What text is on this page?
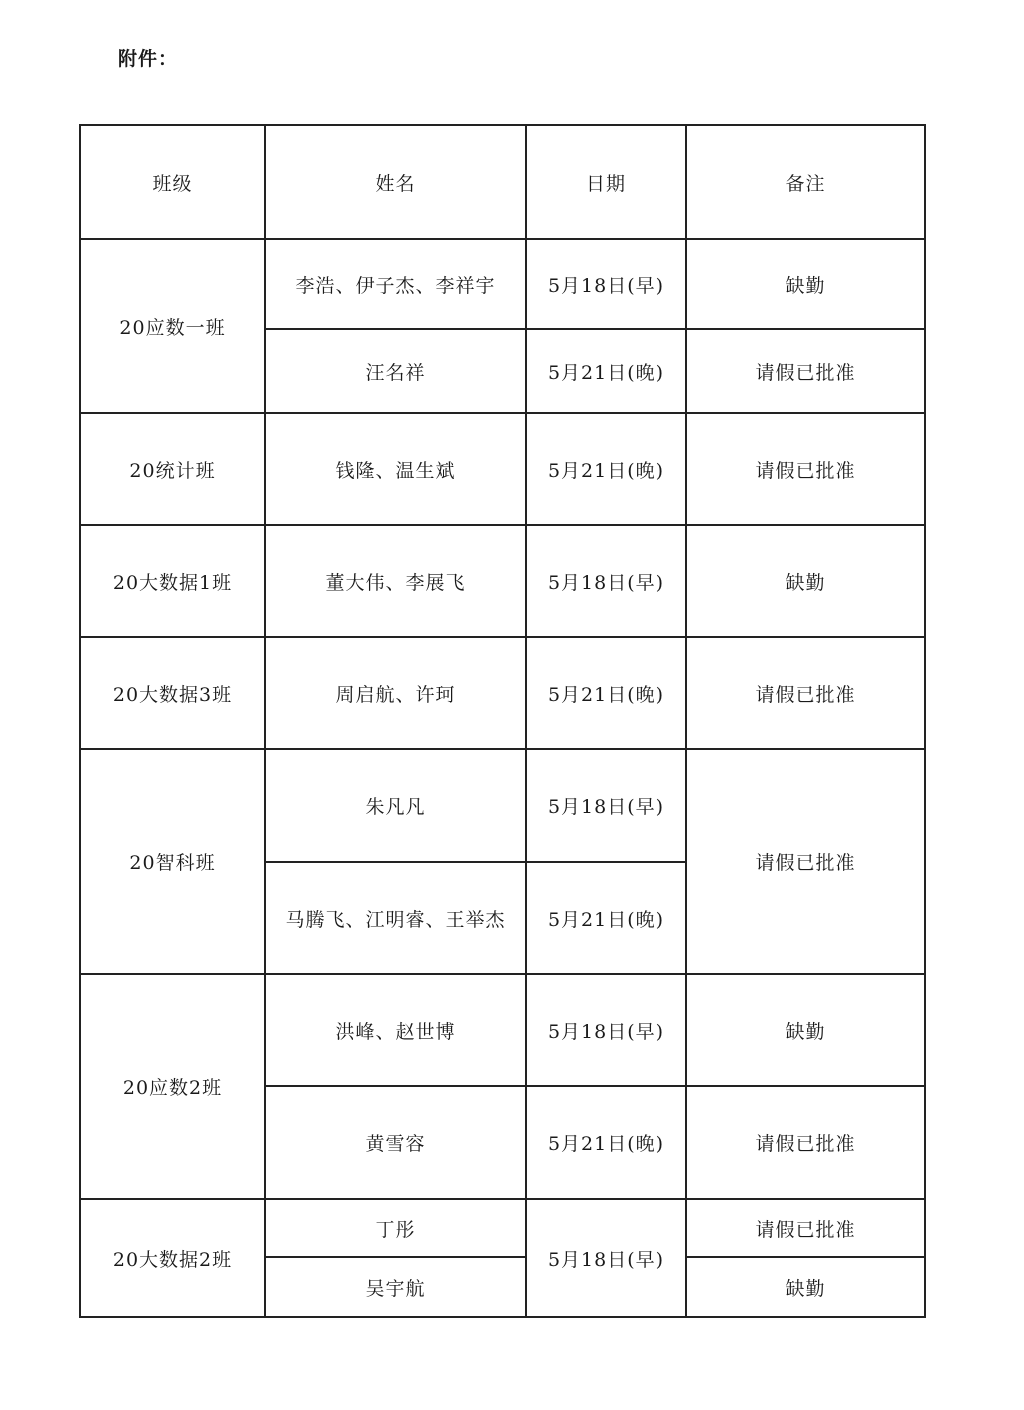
附件：
班级	姓名	日期	备注
20应数一班	李浩、伊子杰、李祥宇	5月18日(早)	缺勤
	汪名祥	5月21日(晚)	请假已批准
20统计班	钱隆、温生斌	5月21日(晚)	请假已批准
20大数据1班	董大伟、李展飞	5月18日(早)	缺勤
20大数据3班	周启航、许珂	5月21日(晚)	请假已批准
20智科班	朱凡凡	5月18日(早)	请假已批准
	马腾飞、江明睿、王举杰	5月21日(晚)	
20应数2班	洪峰、赵世博	5月18日(早)	缺勤
	黄雪容	5月21日(晚)	请假已批准
20大数据2班	丁彤	5月18日(早)	请假已批准
	吴宇航		缺勤
